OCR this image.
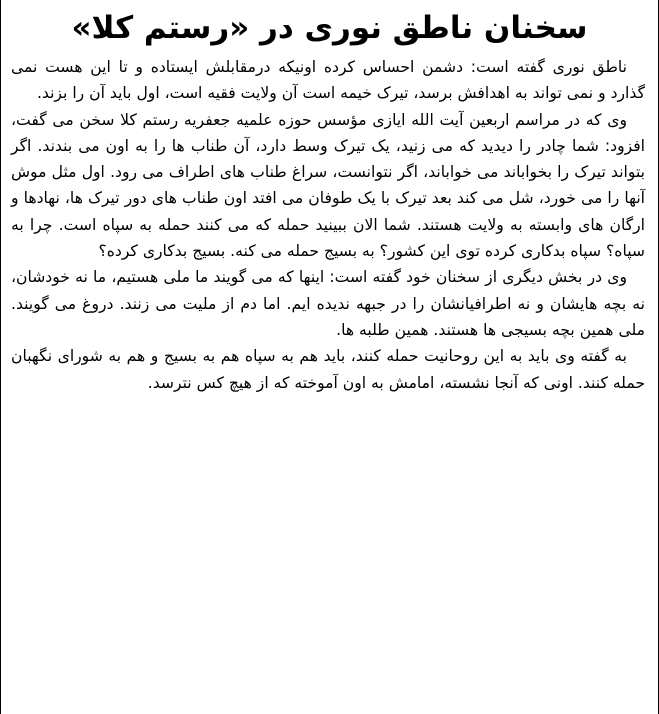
سخنان ناطق نوری در «رستم کلا»

ناطق نوری گفته است: دشمن احساس کرده اونیکه درمقابلش ایستاده و تا این هست نمی گذارد و نمی تواند به اهدافش برسد، تیرک خیمه است آن ولایت فقیه است، اول باید آن را بزند.

وی که در مراسم اربعین آیت الله ایازی مؤسس حوزه علمیه جعفریه رستم کلا سخن می گفت، افزود: شما چادر را دیدید که می زنید، یک تیرک وسط دارد، آن طناب ها را به اون می بندند. اگر بتواند تیرک را بخواباند می خواباند، اگر نتوانست، سراغ طناب های اطراف می رود. اول مثل موش آنها را می خورد، شل می کند بعد تیرک با یک طوفان می افتد اون طناب های دور تیرک ها، نهادها و ارگان های وابسته به ولایت هستند. شما الان ببینید حمله که می کنند حمله به سپاه است. چرا به سپاه؟ سپاه بدکاری کرده توی این کشور؟ به بسیج حمله می کنه. بسیج بدکاری کرده؟

وی در بخش دیگری از سخنان خود گفته است: اینها که می گویند ما ملی هستیم، ما نه خودشان، نه بچه هایشان و نه اطرافیانشان را در جبهه ندیده ایم. اما دم از ملیت می زنند. دروغ می گویند. ملی همین بچه بسیجی ها هستند. همین طلبه ها.

به گفته وی باید به این روحانیت حمله کنند، باید هم به سپاه هم به بسیج و هم به شورای نگهبان حمله کنند. اونی که آنجا نشسته، امامش به اون آموخته که از هیچ کس نترسد.
